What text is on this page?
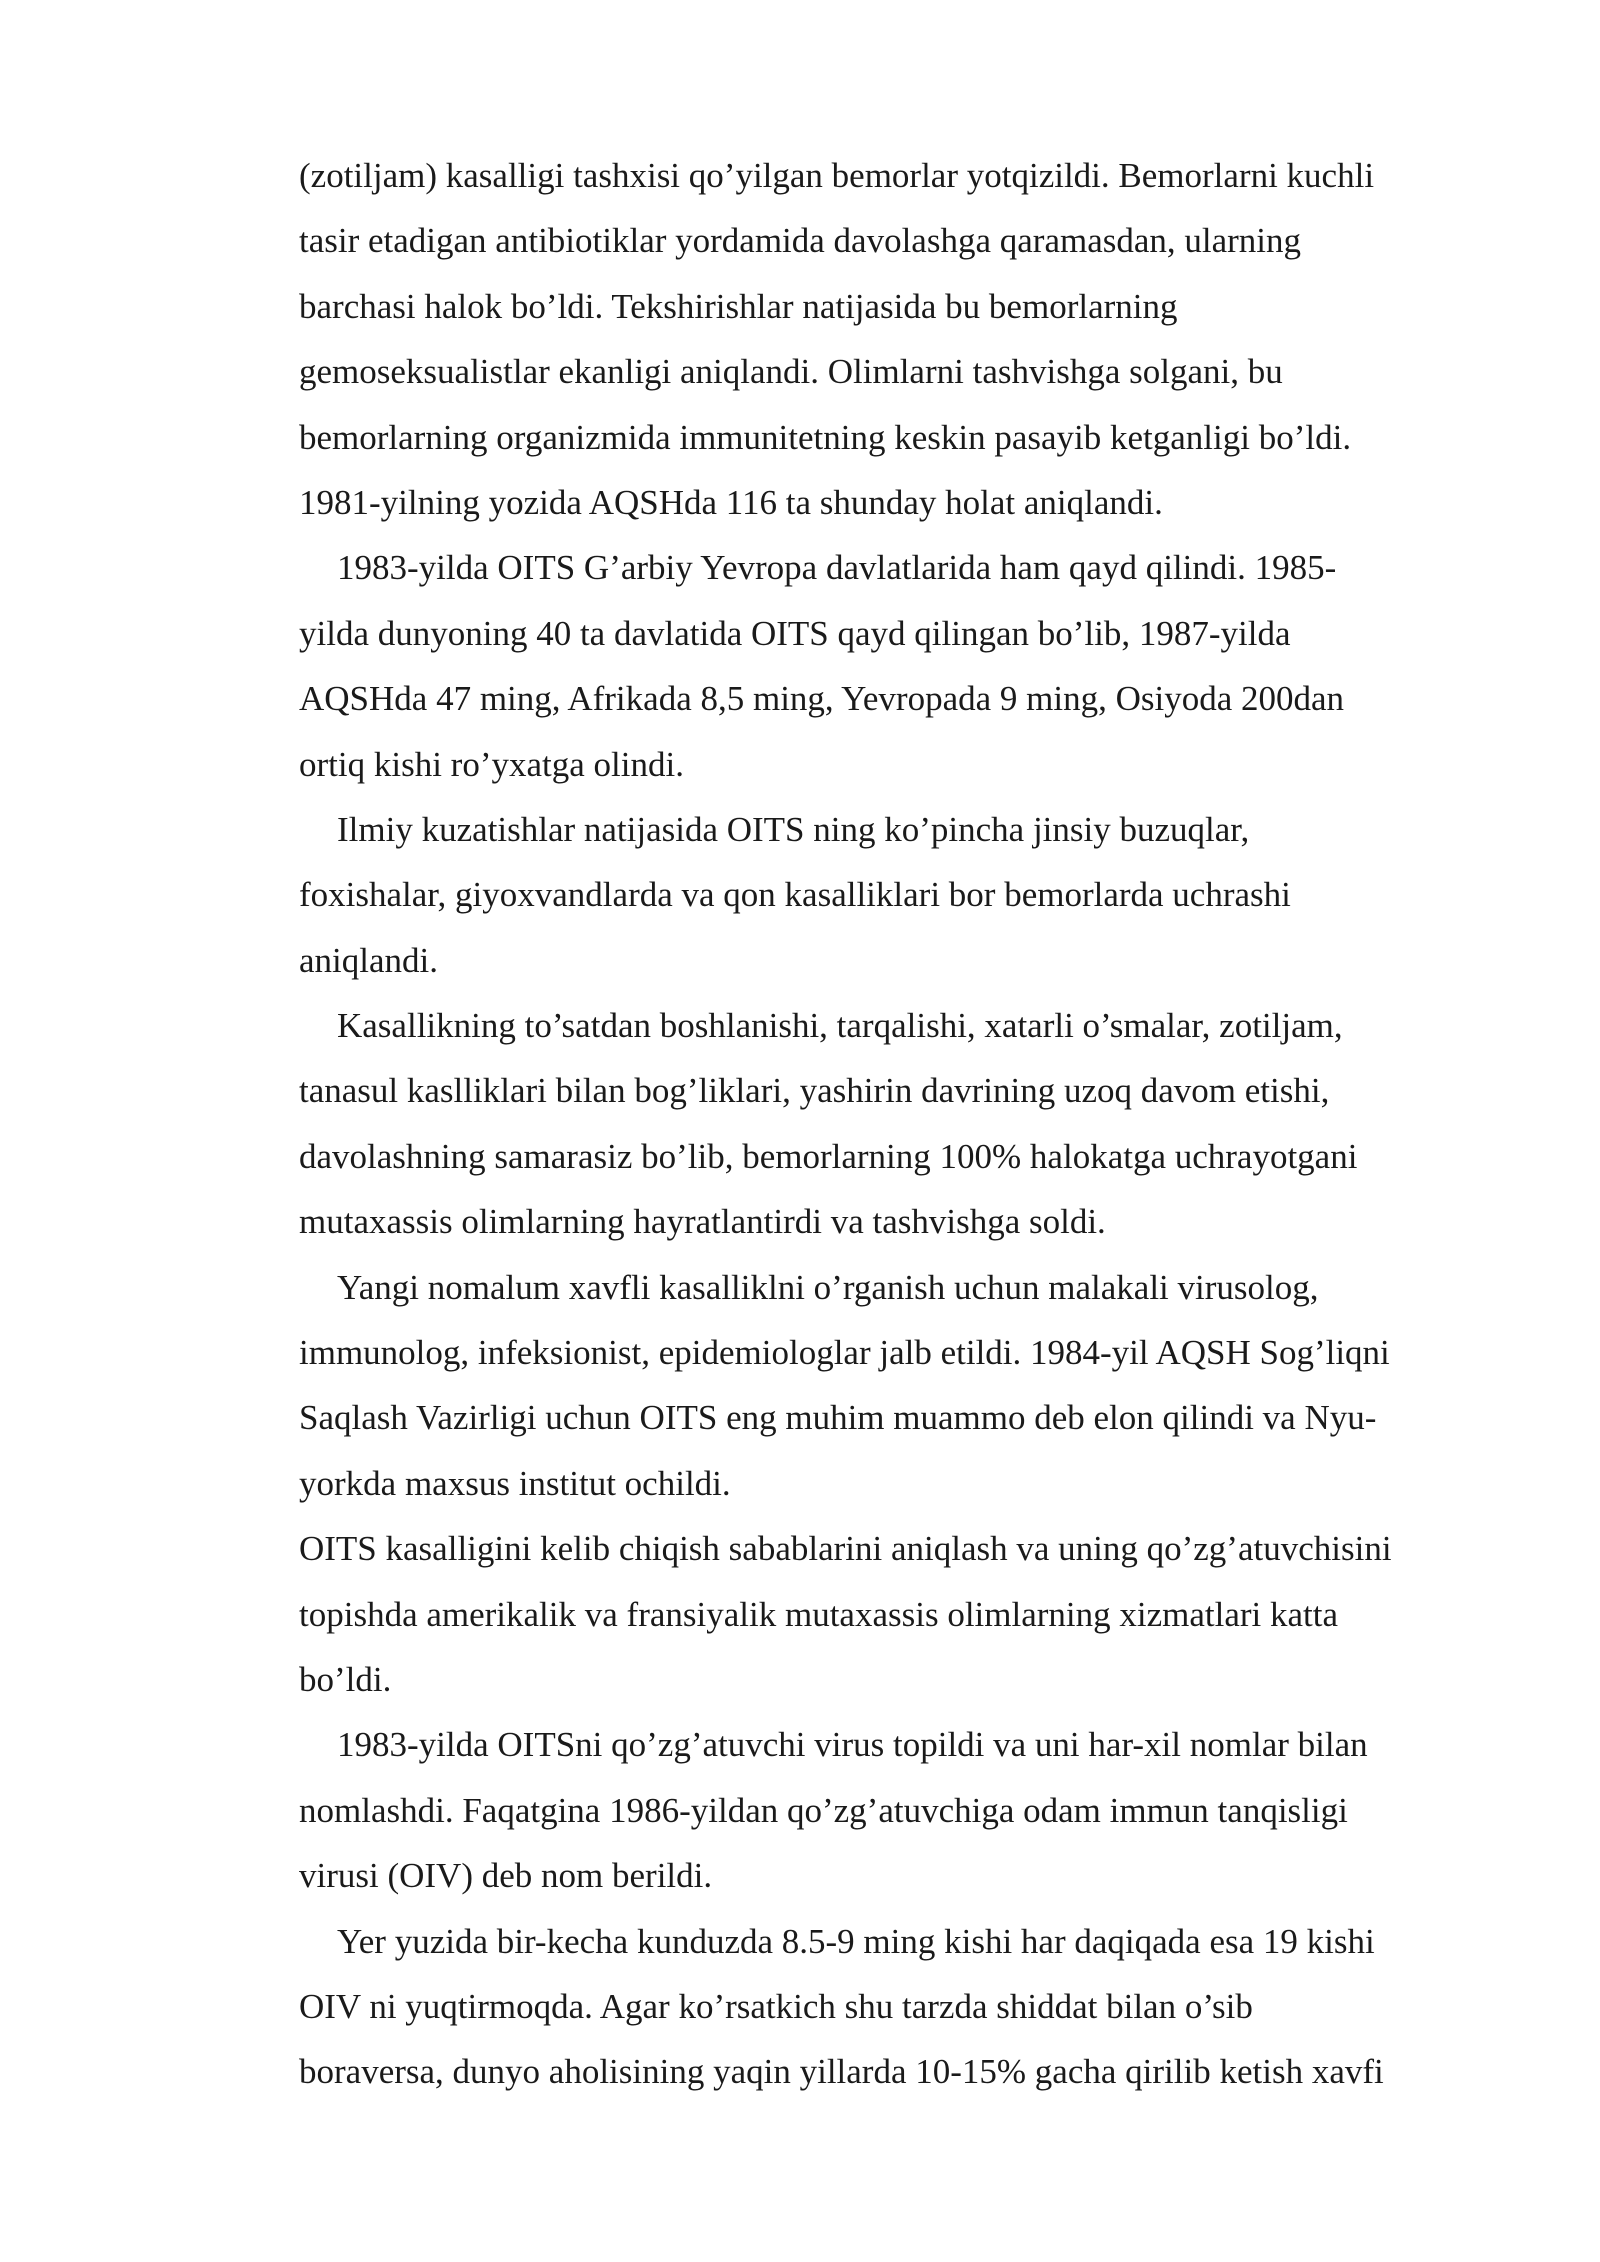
(zotiljam) kasalligi tashxisi qo’yilgan bemorlar yotqizildi. Bemorlarni kuchli
tasir etadigan antibiotiklar yordamida davolashga qaramasdan, ularning
barchasi halok bo’ldi. Tekshirishlar natijasida bu bemorlarning
gemoseksualistlar ekanligi aniqlandi. Olimlarni tashvishga solgani, bu
bemorlarning organizmida immunitetning keskin pasayib ketganligi bo’ldi.
1981-yilning yozida AQSHda 116 ta shunday holat aniqlandi.
1983-yilda OITS G’arbiy Yevropa davlatlarida ham qayd qilindi. 1985-
yilda dunyoning 40 ta davlatida OITS qayd qilingan bo’lib, 1987-yilda
AQSHda 47 ming, Afrikada 8,5 ming, Yevropada 9 ming, Osiyoda 200dan
ortiq kishi ro’yxatga olindi.
Ilmiy kuzatishlar natijasida OITS ning ko’pincha jinsiy buzuqlar,
foxishalar, giyoxvandlarda va qon kasalliklari bor bemorlarda uchrashi
aniqlandi.
Kasallikning to’satdan boshlanishi, tarqalishi, xatarli o’smalar, zotiljam,
tanasul kaslliklari bilan bog’liklari, yashirin davrining uzoq davom etishi,
davolashning samarasiz bo’lib, bemorlarning 100% halokatga uchrayotgani
mutaxassis olimlarning hayratlantirdi va tashvishga soldi.
Yangi nomalum xavfli kasalliklni o’rganish uchun malakali virusolog,
immunolog, infeksionist, epidemiologlar jalb etildi. 1984-yil AQSH Sog’liqni
Saqlash Vazirligi uchun OITS eng muhim muammo deb elon qilindi va Nyu-
yorkda maxsus institut ochildi.
OITS kasalligini kelib chiqish sabablarini aniqlash va uning qo’zg’atuvchisini
topishda amerikalik va fransiyalik mutaxassis olimlarning xizmatlari katta
bo’ldi.
1983-yilda OITSni qo’zg’atuvchi virus topildi va uni har-xil nomlar bilan
nomlashdi. Faqatgina 1986-yildan qo’zg’atuvchiga odam immun tanqisligi
virusi (OIV) deb nom berildi.
Yer yuzida bir-kecha kunduzda 8.5-9 ming kishi har daqiqada esa 19 kishi
OIV ni yuqtirmoqda. Agar ko’rsatkich shu tarzda shiddat bilan o’sib
boraversa, dunyo aholisining yaqin yillarda 10-15% gacha qirilib ketish xavfi
